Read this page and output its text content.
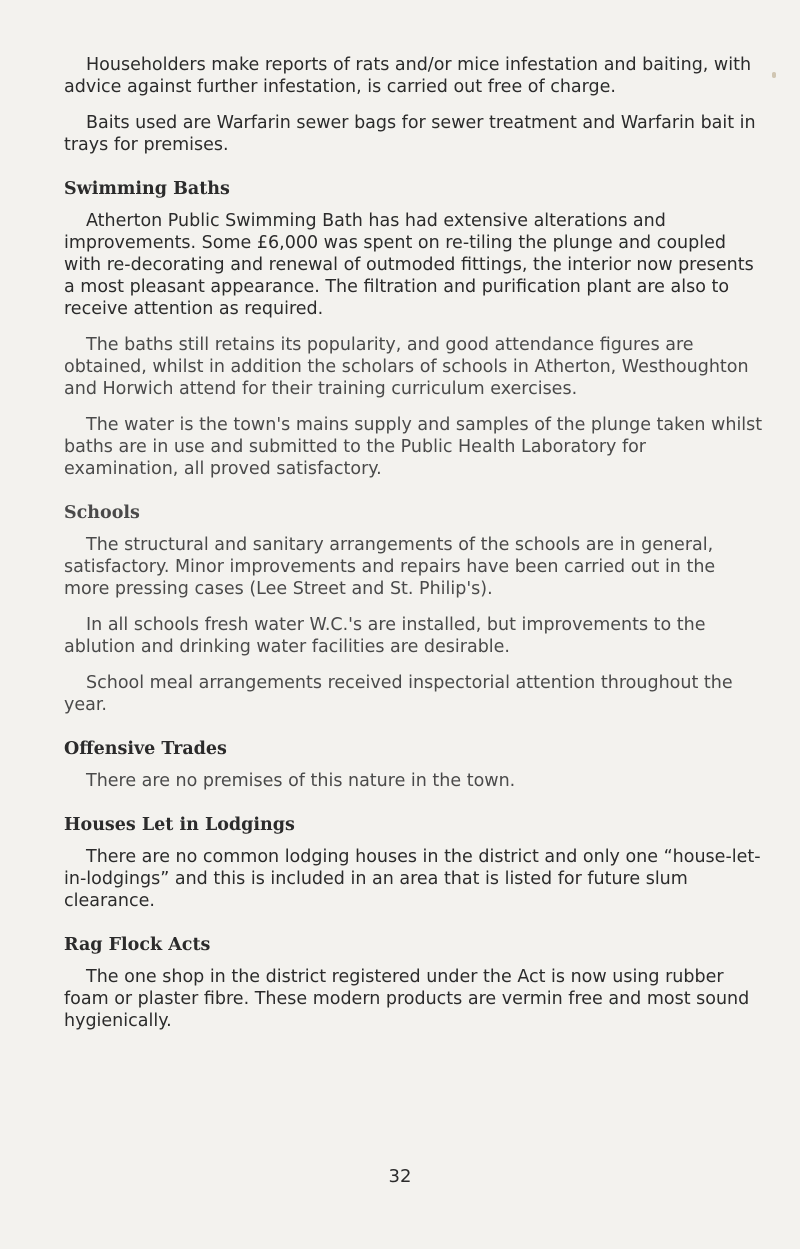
Householders make reports of rats and/or mice infestation and baiting, with advice against further infestation, is carried out free of charge.

Baits used are Warfarin sewer bags for sewer treatment and Warfarin bait in trays for premises.

Swimming Baths

Atherton Public Swimming Bath has had extensive alterations and improvements. Some £6,000 was spent on re-tiling the plunge and coupled with re-decorating and renewal of outmoded fittings, the interior now presents a most pleasant appearance. The filtration and purification plant are also to receive attention as required.

The baths still retains its popularity, and good attendance figures are obtained, whilst in addition the scholars of schools in Atherton, Westhoughton and Horwich attend for their training curriculum exercises.

The water is the town's mains supply and samples of the plunge taken whilst baths are in use and submitted to the Public Health Laboratory for examination, all proved satisfactory.

Schools

The structural and sanitary arrangements of the schools are in general, satisfactory. Minor improvements and repairs have been carried out in the more pressing cases (Lee Street and St. Philip's).

In all schools fresh water W.C.'s are installed, but improvements to the ablution and drinking water facilities are desirable.

School meal arrangements received inspectorial attention throughout the year.

Offensive Trades

There are no premises of this nature in the town.

Houses Let in Lodgings

There are no common lodging houses in the district and only one “house-let-in-lodgings” and this is included in an area that is listed for future slum clearance.

Rag Flock Acts

The one shop in the district registered under the Act is now using rubber foam or plaster fibre. These modern products are vermin free and most sound hygienically.

32
